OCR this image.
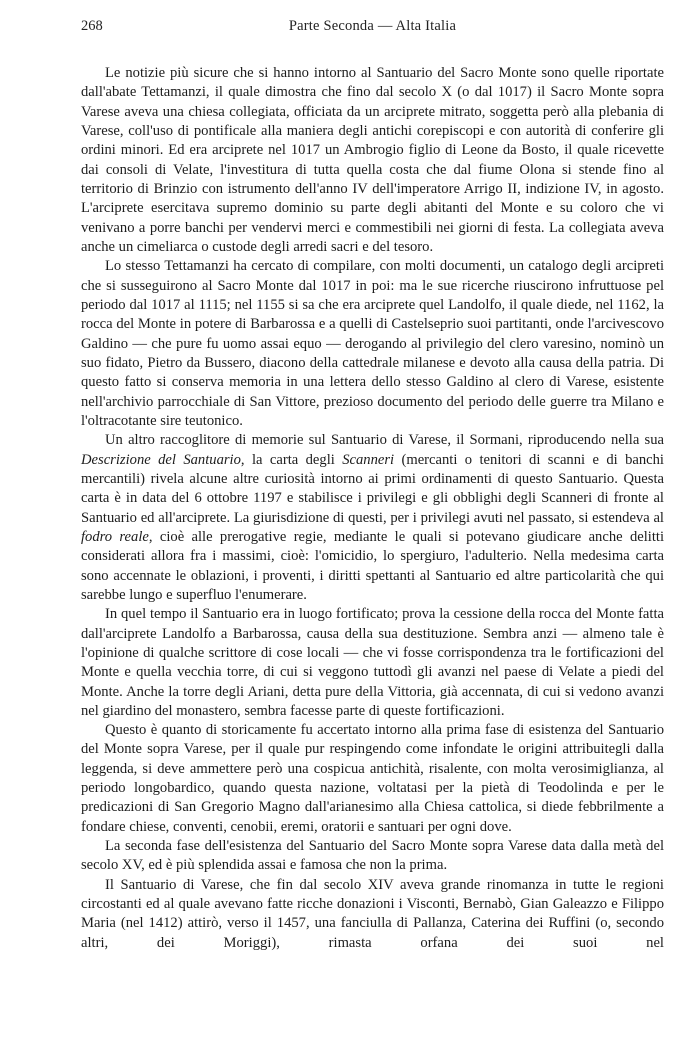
268	Parte Seconda — Alta Italia

Le notizie più sicure che si hanno intorno al Santuario del Sacro Monte sono quelle riportate dall'abate Tettamanzi, il quale dimostra che fino dal secolo X (o dal 1017) il Sacro Monte sopra Varese aveva una chiesa collegiata, officiata da un arciprete mitrato, soggetta però alla plebania di Varese, coll'uso di pontificale alla maniera degli antichi corepiscopi e con autorità di conferire gli ordini minori. Ed era arciprete nel 1017 un Ambrogio figlio di Leone da Bosto, il quale ricevette dai consoli di Velate, l'investitura di tutta quella costa che dal fiume Olona si stende fino al territorio di Brinzio con istrumento dell'anno IV dell'imperatore Arrigo II, indizione IV, in agosto. L'arciprete esercitava supremo dominio su parte degli abitanti del Monte e su coloro che vi venivano a porre banchi per vendervi merci e commestibili nei giorni di festa. La collegiata aveva anche un cimeliarca o custode degli arredi sacri e del tesoro.

Lo stesso Tettamanzi ha cercato di compilare, con molti documenti, un catalogo degli arcipreti che si susseguirono al Sacro Monte dal 1017 in poi: ma le sue ricerche riuscirono infruttuose pel periodo dal 1017 al 1115; nel 1155 si sa che era arciprete quel Landolfo, il quale diede, nel 1162, la rocca del Monte in potere di Barbarossa e a quelli di Castelseprio suoi partitanti, onde l'arcivescovo Galdino — che pure fu uomo assai equo — derogando al privilegio del clero varesino, nominò un suo fidato, Pietro da Bussero, diacono della cattedrale milanese e devoto alla causa della patria. Di questo fatto si conserva memoria in una lettera dello stesso Galdino al clero di Varese, esistente nell'archivio parrocchiale di San Vittore, prezioso documento del periodo delle guerre tra Milano e l'oltracotante sire teutonico.

Un altro raccoglitore di memorie sul Santuario di Varese, il Sormani, riproducendo nella sua Descrizione del Santuario, la carta degli Scanneri (mercanti o tenitori di scanni e di banchi mercantili) rivela alcune altre curiosità intorno ai primi ordinamenti di questo Santuario. Questa carta è in data del 6 ottobre 1197 e stabilisce i privilegi e gli obblighi degli Scanneri di fronte al Santuario ed all'arciprete. La giurisdizione di questi, per i privilegi avuti nel passato, si estendeva al fodro reale, cioè alle prerogative regie, mediante le quali si potevano giudicare anche delitti considerati allora fra i massimi, cioè: l'omicidio, lo spergiuro, l'adulterio. Nella medesima carta sono accennate le oblazioni, i proventi, i diritti spettanti al Santuario ed altre particolarità che qui sarebbe lungo e superfluo l'enumerare.

In quel tempo il Santuario era in luogo fortificato; prova la cessione della rocca del Monte fatta dall'arciprete Landolfo a Barbarossa, causa della sua destituzione. Sembra anzi — almeno tale è l'opinione di qualche scrittore di cose locali — che vi fosse corrispondenza tra le fortificazioni del Monte e quella vecchia torre, di cui si veggono tuttodì gli avanzi nel paese di Velate a piedi del Monte. Anche la torre degli Ariani, detta pure della Vittoria, già accennata, di cui si vedono avanzi nel giardino del monastero, sembra facesse parte di queste fortificazioni.

Questo è quanto di storicamente fu accertato intorno alla prima fase di esistenza del Santuario del Monte sopra Varese, per il quale pur respingendo come infondate le origini attribuitegli dalla leggenda, si deve ammettere però una cospicua antichità, risalente, con molta verosimiglianza, al periodo longobardico, quando questa nazione, voltatasi per la pietà di Teodolinda e per le predicazioni di San Gregorio Magno dall'arianesimo alla Chiesa cattolica, si diede febbrilmente a fondare chiese, conventi, cenobii, eremi, oratorii e santuari per ogni dove.

La seconda fase dell'esistenza del Santuario del Sacro Monte sopra Varese data dalla metà del secolo XV, ed è più splendida assai e famosa che non la prima.

Il Santuario di Varese, che fin dal secolo XIV aveva grande rinomanza in tutte le regioni circostanti ed al quale avevano fatte ricche donazioni i Visconti, Bernabò, Gian Galeazzo e Filippo Maria (nel 1412) attirò, verso il 1457, una fanciulla di Pallanza, Caterina dei Ruffini (o, secondo altri, dei Moriggi), rimasta orfana dei suoi nel
